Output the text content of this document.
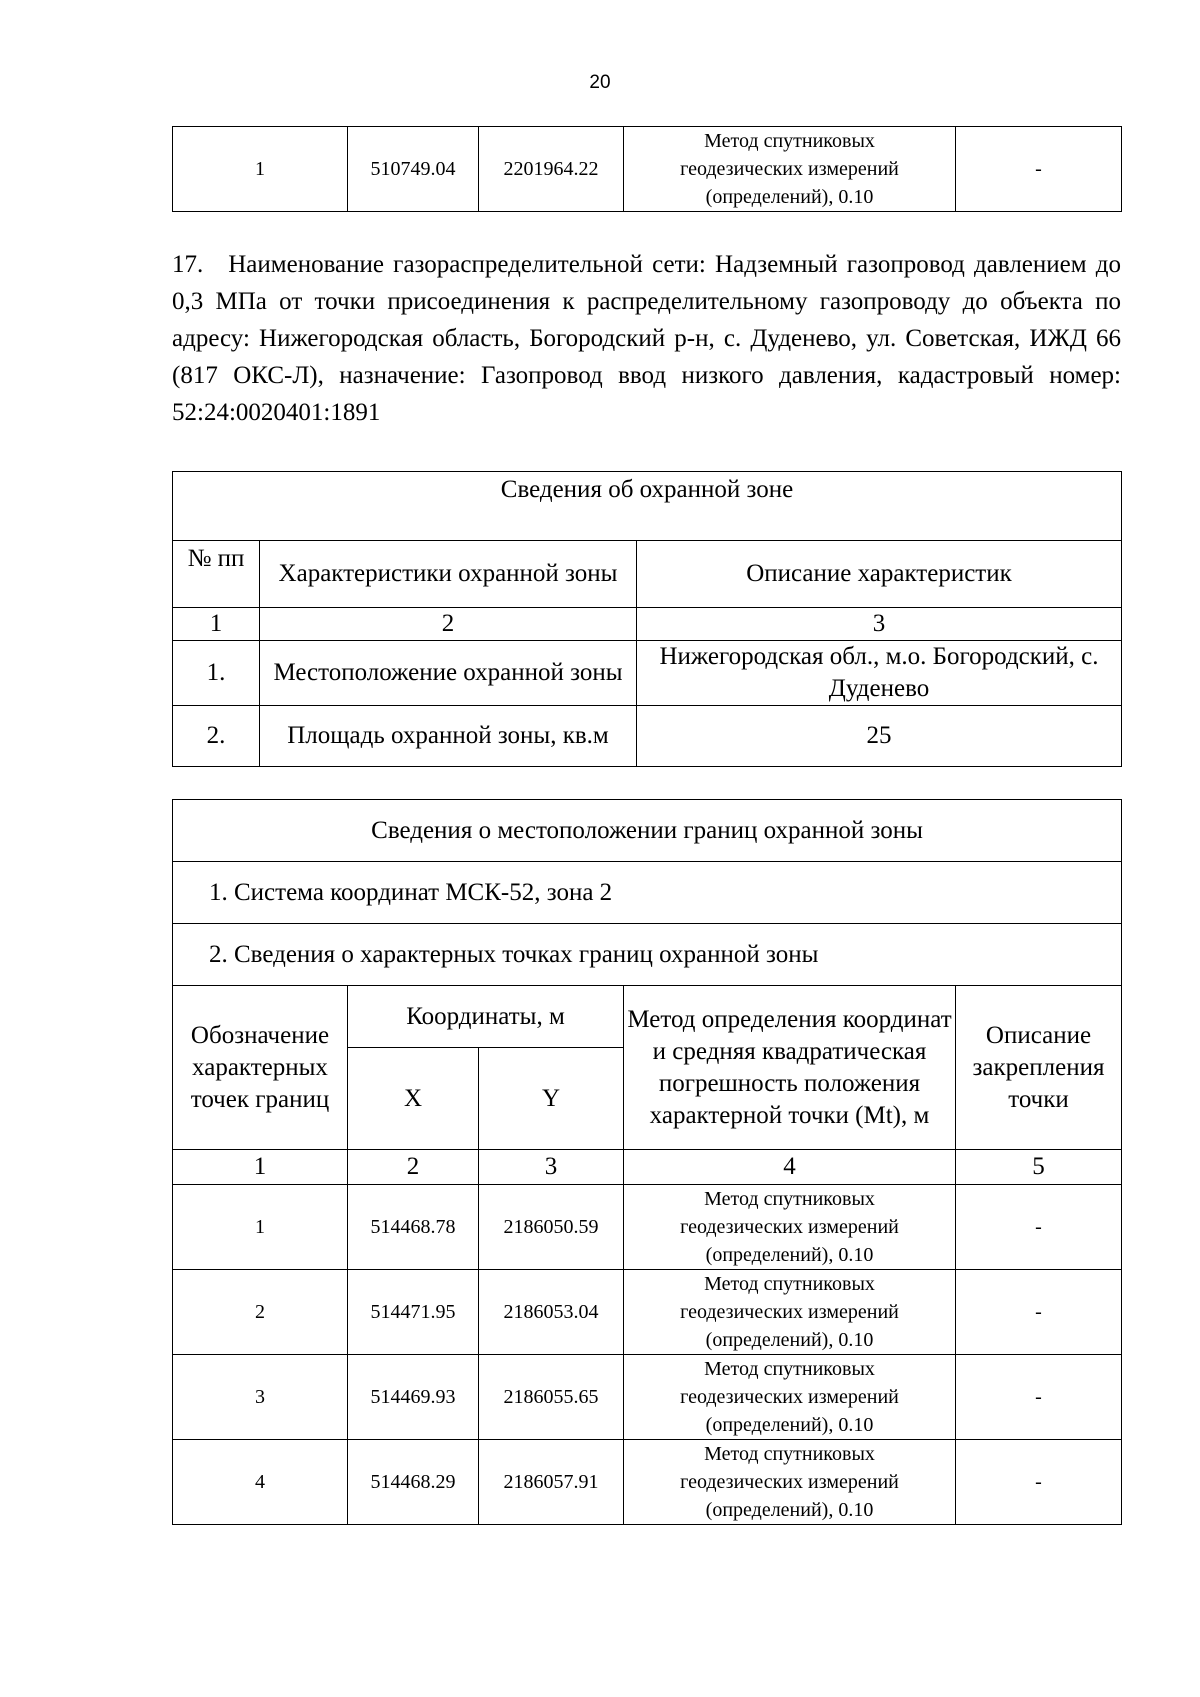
20
1	510749.04	2201964.22	
Метод спутниковых
геодезических измерений
(определений), 0.10
	-

17. Наименование газораспределительной сети: Надземный газопровод давлением до 0,3 МПа от точки присоединения к распределительному газопроводу до объекта по адресу: Нижегородская область, Богородский р-н, с. Дуденево, ул. Советская, ИЖД 66 (817 ОКС-Л), назначение: Газопровод ввод низкого давления, кадастровый номер: 52:24:0020401:1891

Сведения об охранной зоне		
№ пп	Характеристики охранной зоны	Описание характеристик
1	2	3
1.	Местоположение охранной зоны	Нижегородская обл., м.о. Богородский, с. Дуденево
2.	Площадь охранной зоны, кв.м	25
Сведения о местоположении границ охранной зоны				
1. Система координат МСК-52, зона 2				
2. Сведения о характерных точках границ охранной зоны				
Обозначение характерных точек границ	Координаты, м		Метод определения координат и средняя квадратическая погрешность положения характерной точки (Mt), м	Описание закрепления точки
	X	Y		
1	2	3	4	5
1	514468.78	2186050.59	Метод спутниковых
геодезических измерений
(определений), 0.10	-
2	514471.95	2186053.04	Метод спутниковых
геодезических измерений
(определений), 0.10	-
3	514469.93	2186055.65	Метод спутниковых
геодезических измерений
(определений), 0.10	-
4	514468.29	2186057.91	Метод спутниковых
геодезических измерений
(определений), 0.10	-
